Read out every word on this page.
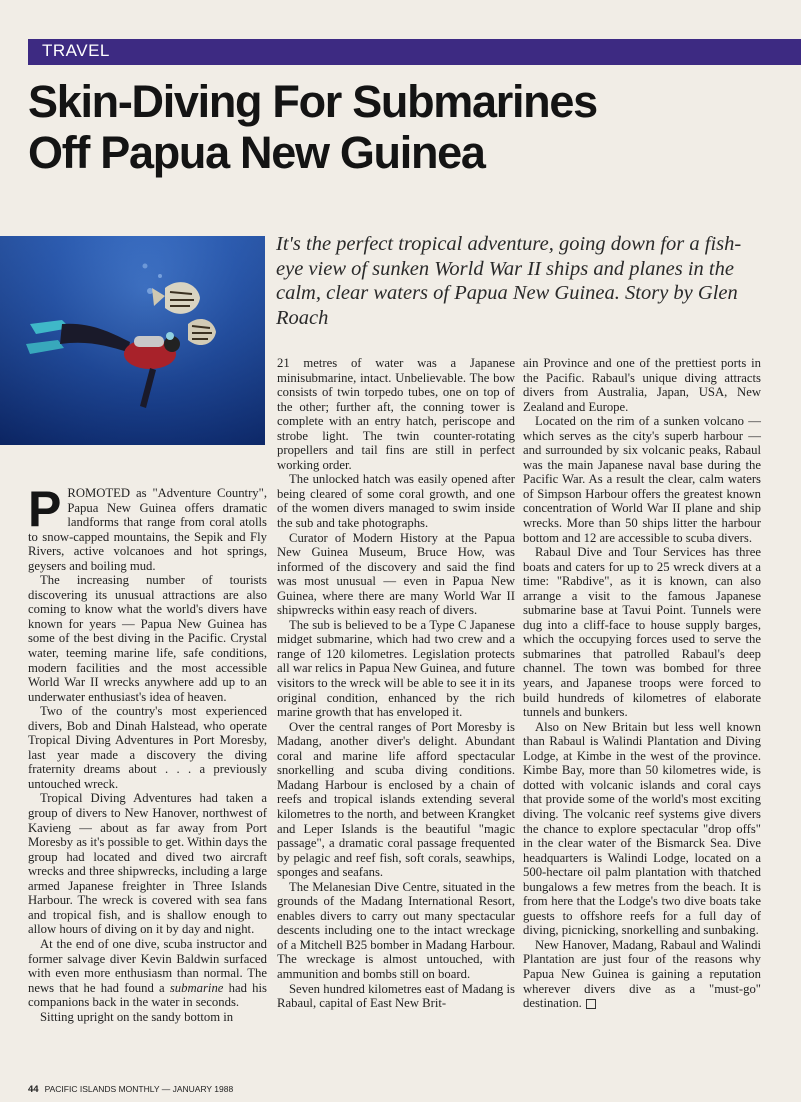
TRAVEL
Skin-Diving For Submarines
Off Papua New Guinea

It's the perfect tropical adventure, going down for a fish-eye view of sunken World War II ships and planes in the calm, clear waters of Papua New Guinea. Story by Glen Roach

PROMOTED as "Adventure Country", Papua New Guinea offers dramatic landforms that range from coral atolls to snow-capped mountains, the Sepik and Fly Rivers, active volcanoes and hot springs, geysers and boiling mud.

The increasing number of tourists discovering its unusual attractions are also coming to know what the world's divers have known for years — Papua New Guinea has some of the best diving in the Pacific. Crystal water, teeming marine life, safe conditions, modern facilities and the most accessible World War II wrecks anywhere add up to an underwater enthusiast's idea of heaven.

Two of the country's most experienced divers, Bob and Dinah Halstead, who operate Tropical Diving Adventures in Port Moresby, last year made a discovery the diving fraternity dreams about . . . a previously untouched wreck.

Tropical Diving Adventures had taken a group of divers to New Hanover, northwest of Kavieng — about as far away from Port Moresby as it's possible to get. Within days the group had located and dived two aircraft wrecks and three shipwrecks, including a large armed Japanese freighter in Three Islands Harbour. The wreck is covered with sea fans and tropical fish, and is shallow enough to allow hours of diving on it by day and night.

At the end of one dive, scuba instructor and former salvage diver Kevin Baldwin surfaced with even more enthusiasm than normal. The news that he had found a submarine had his companions back in the water in seconds.

Sitting upright on the sandy bottom in

21 metres of water was a Japanese minisubmarine, intact. Unbelievable. The bow consists of twin torpedo tubes, one on top of the other; further aft, the conning tower is complete with an entry hatch, periscope and strobe light. The twin counter-rotating propellers and tail fins are still in perfect working order.

The unlocked hatch was easily opened after being cleared of some coral growth, and one of the women divers managed to swim inside the sub and take photographs.

Curator of Modern History at the Papua New Guinea Museum, Bruce How, was informed of the discovery and said the find was most unusual — even in Papua New Guinea, where there are many World War II shipwrecks within easy reach of divers.

The sub is believed to be a Type C Japanese midget submarine, which had two crew and a range of 120 kilometres. Legislation protects all war relics in Papua New Guinea, and future visitors to the wreck will be able to see it in its original condition, enhanced by the rich marine growth that has enveloped it.

Over the central ranges of Port Moresby is Madang, another diver's delight. Abundant coral and marine life afford spectacular snorkelling and scuba diving conditions. Madang Harbour is enclosed by a chain of reefs and tropical islands extending several kilometres to the north, and between Krangket and Leper Islands is the beautiful "magic passage", a dramatic coral passage frequented by pelagic and reef fish, soft corals, seawhips, sponges and seafans.

The Melanesian Dive Centre, situated in the grounds of the Madang International Resort, enables divers to carry out many spectacular descents including one to the intact wreckage of a Mitchell B25 bomber in Madang Harbour. The wreckage is almost untouched, with ammunition and bombs still on board.

Seven hundred kilometres east of Madang is Rabaul, capital of East New Brit-

ain Province and one of the prettiest ports in the Pacific. Rabaul's unique diving attracts divers from Australia, Japan, USA, New Zealand and Europe.

Located on the rim of a sunken volcano — which serves as the city's superb harbour — and surrounded by six volcanic peaks, Rabaul was the main Japanese naval base during the Pacific War. As a result the clear, calm waters of Simpson Harbour offers the greatest known concentration of World War II plane and ship wrecks. More than 50 ships litter the harbour bottom and 12 are accessible to scuba divers.

Rabaul Dive and Tour Services has three boats and caters for up to 25 wreck divers at a time: "Rabdive", as it is known, can also arrange a visit to the famous Japanese submarine base at Tavui Point. Tunnels were dug into a cliff-face to house supply barges, which the occupying forces used to serve the submarines that patrolled Rabaul's deep channel. The town was bombed for three years, and Japanese troops were forced to build hundreds of kilometres of elaborate tunnels and bunkers.

Also on New Britain but less well known than Rabaul is Walindi Plantation and Diving Lodge, at Kimbe in the west of the province. Kimbe Bay, more than 50 kilometres wide, is dotted with volcanic islands and coral cays that provide some of the world's most exciting diving. The volcanic reef systems give divers the chance to explore spectacular "drop offs" in the clear water of the Bismarck Sea. Dive headquarters is Walindi Lodge, located on a 500-hectare oil palm plantation with thatched bungalows a few metres from the beach. It is from here that the Lodge's two dive boats take guests to offshore reefs for a full day of diving, picnicking, snorkelling and sunbaking.

New Hanover, Madang, Rabaul and Walindi Plantation are just four of the reasons why Papua New Guinea is gaining a reputation wherever divers dive as a "must-go" destination.

44 PACIFIC ISLANDS MONTHLY — JANUARY 1988
